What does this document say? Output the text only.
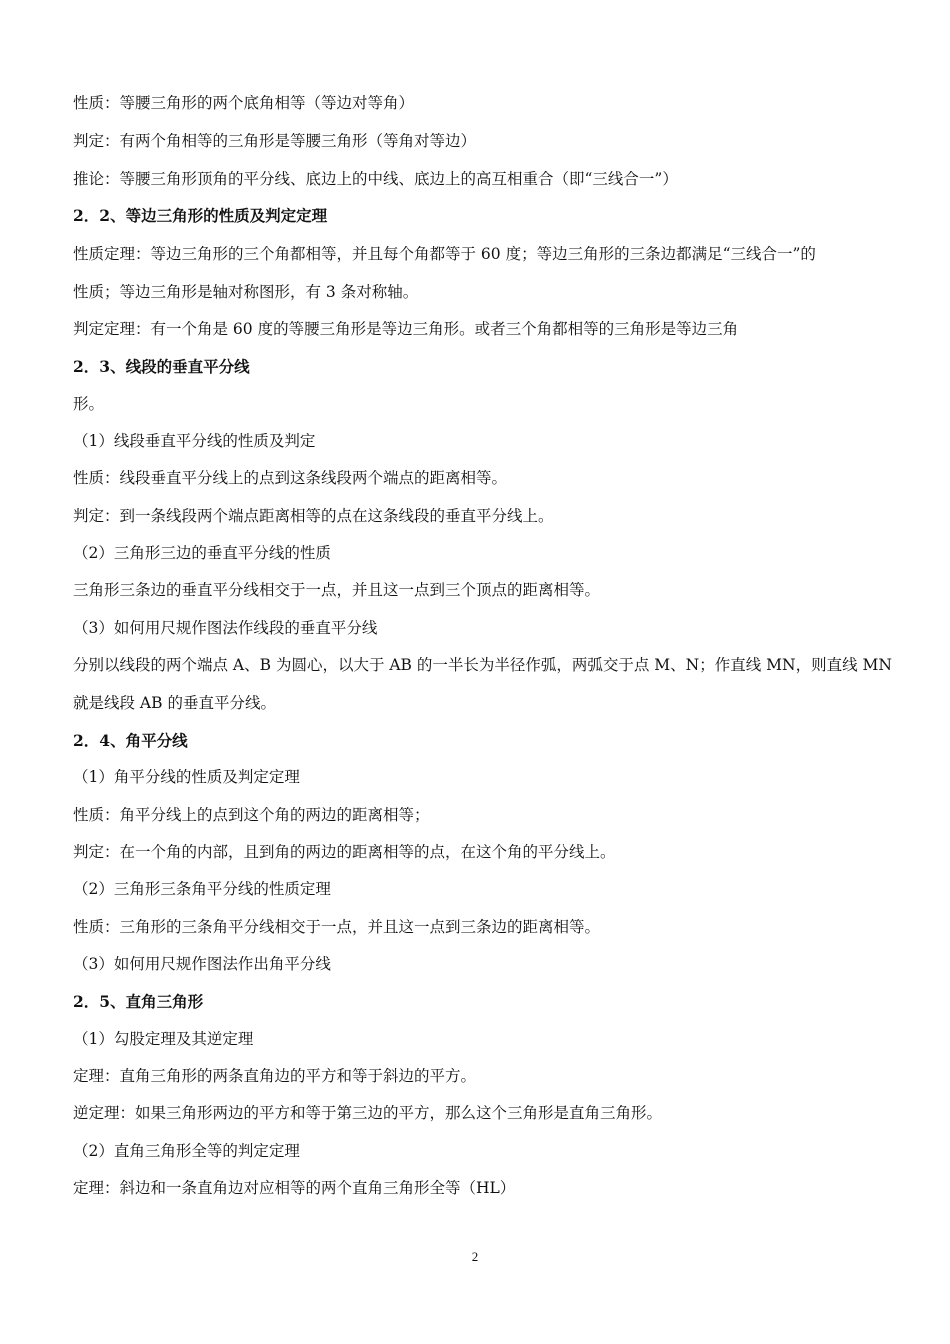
性质：等腰三角形的两个底角相等（等边对等角）
判定：有两个角相等的三角形是等腰三角形（等角对等边）
推论：等腰三角形顶角的平分线、底边上的中线、底边上的高互相重合（即“三线合一”）
2．2、等边三角形的性质及判定定理
性质定理：等边三角形的三个角都相等，并且每个角都等于 60 度；等边三角形的三条边都满足“三线合一”的
性质；等边三角形是轴对称图形，有 3 条对称轴。
判定定理：有一个角是 60 度的等腰三角形是等边三角形。或者三个角都相等的三角形是等边三角
2．3、线段的垂直平分线
形。
（1）线段垂直平分线的性质及判定
性质：线段垂直平分线上的点到这条线段两个端点的距离相等。
判定：到一条线段两个端点距离相等的点在这条线段的垂直平分线上。
（2）三角形三边的垂直平分线的性质
三角形三条边的垂直平分线相交于一点，并且这一点到三个顶点的距离相等。
（3）如何用尺规作图法作线段的垂直平分线
分别以线段的两个端点 A、B 为圆心，以大于 AB 的一半长为半径作弧，两弧交于点 M、N；作直线 MN，则直线 MN
就是线段 AB 的垂直平分线。
2．4、角平分线
（1）角平分线的性质及判定定理
性质：角平分线上的点到这个角的两边的距离相等；
判定：在一个角的内部，且到角的两边的距离相等的点，在这个角的平分线上。
（2）三角形三条角平分线的性质定理
性质：三角形的三条角平分线相交于一点，并且这一点到三条边的距离相等。
（3）如何用尺规作图法作出角平分线
2．5、直角三角形
（1）勾股定理及其逆定理
定理：直角三角形的两条直角边的平方和等于斜边的平方。
逆定理：如果三角形两边的平方和等于第三边的平方，那么这个三角形是直角三角形。
（2）直角三角形全等的判定定理
定理：斜边和一条直角边对应相等的两个直角三角形全等（HL）
2
